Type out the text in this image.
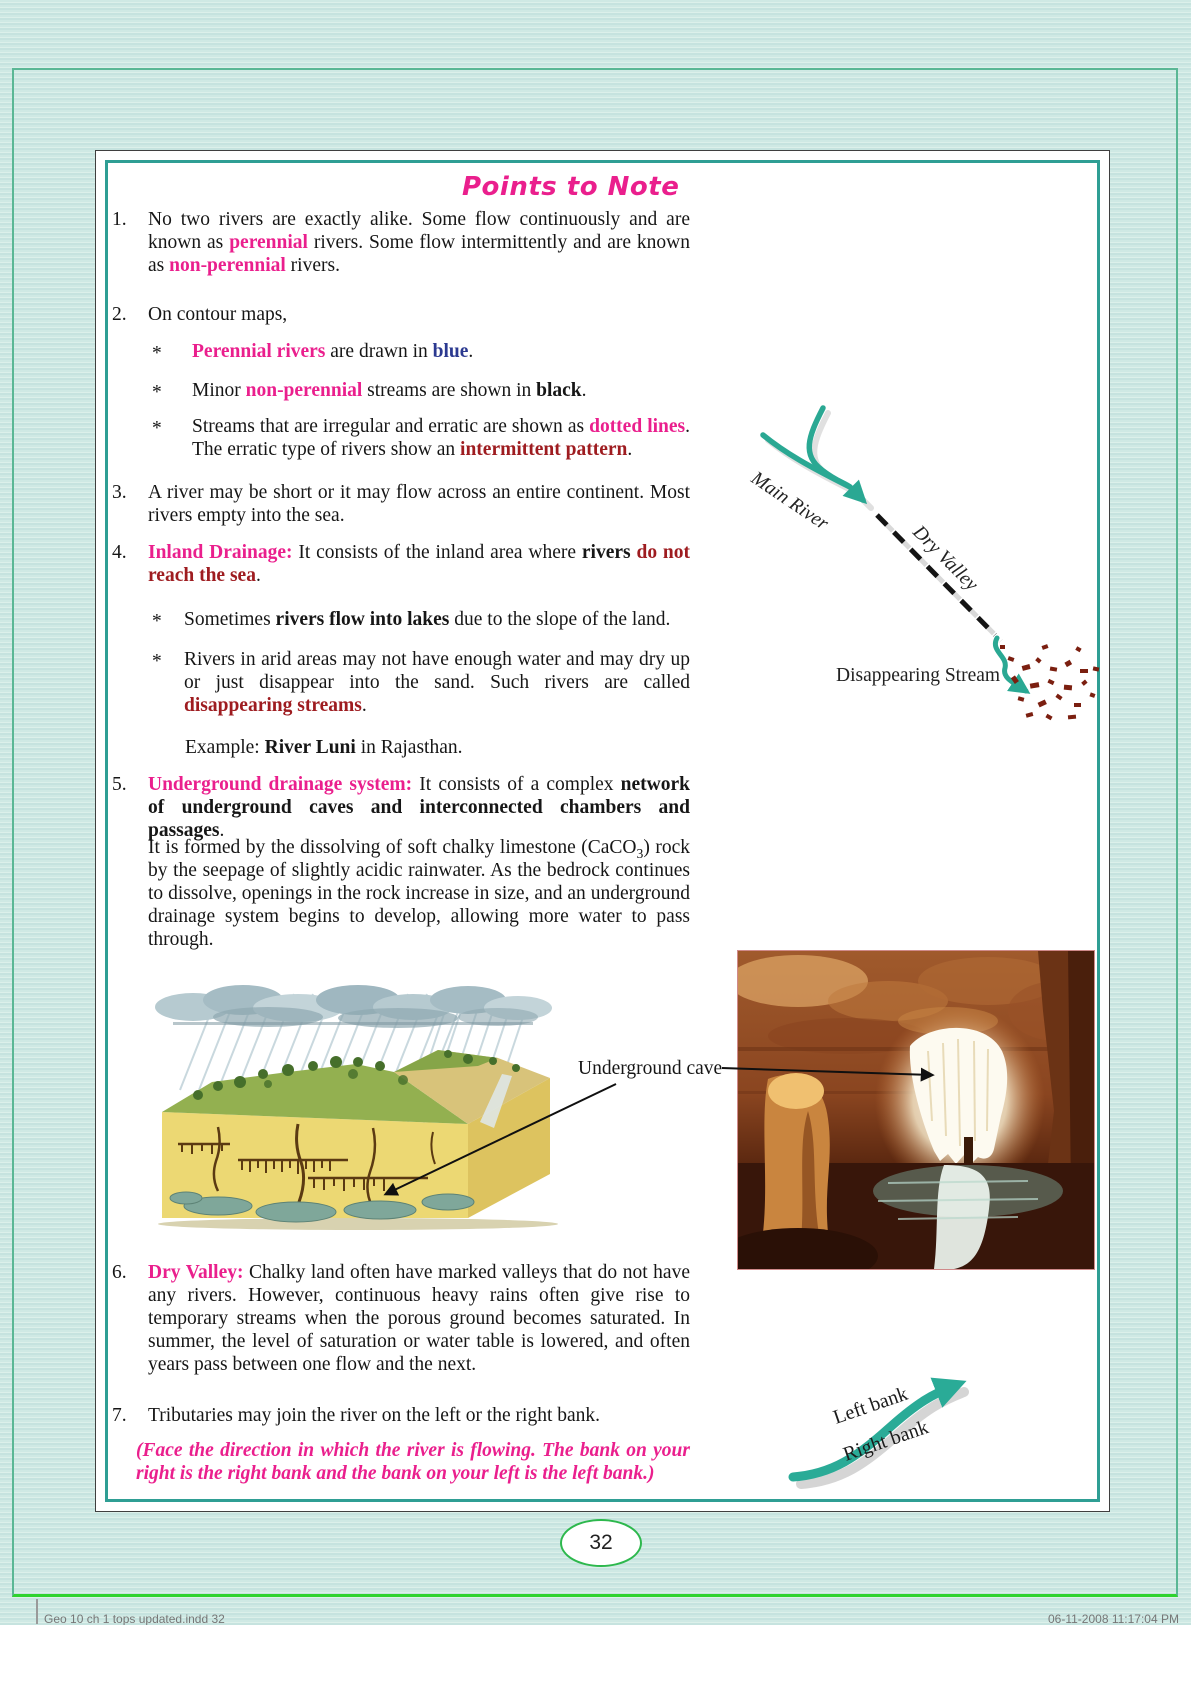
Geo 10 ch 1 tops updated.indd 32	06-11-2008 11:17:04 PM
Points to Note
1. No two rivers are exactly alike. Some flow continuously and are known as perennial rivers. Some flow intermittently and are known as non-perennial rivers.
2. On contour maps,
* Perennial rivers are drawn in blue.
* Minor non-perennial streams are shown in black.
* Streams that are irregular and erratic are shown as dotted lines. The erratic type of rivers show an intermittent pattern.
3. A river may be short or it may flow across an entire continent. Most rivers empty into the sea.
4. Inland Drainage: It consists of the inland area where rivers do not reach the sea.
* Sometimes rivers flow into lakes due to the slope of the land.
* Rivers in arid areas may not have enough water and may dry up or just disappear into the sand. Such rivers are called disappearing streams.
Example: River Luni in Rajasthan.
5. Underground drainage system: It consists of a complex network of underground caves and interconnected chambers and passages.
It is formed by the dissolving of soft chalky limestone (CaCO$_3$) rock by the seepage of slightly acidic rainwater. As the bedrock continues to dissolve, openings in the rock increase in size, and an underground drainage system begins to develop, allowing more water to pass through.
6. Dry Valley: Chalky land often have marked valleys that do not have any rivers. However, continuous heavy rains often give rise to temporary streams when the porous ground becomes saturated. In summer, the level of saturation or water table is lowered, and often years pass between one flow and the next.
7. Tributaries may join the river on the left or the right bank.
(Face the direction in which the river is flowing. The bank on your right is the right bank and the bank on your left is the left bank.)
Main River
Dry Valley
Disappearing Stream
Underground cave
Left bank
Right bank
32
